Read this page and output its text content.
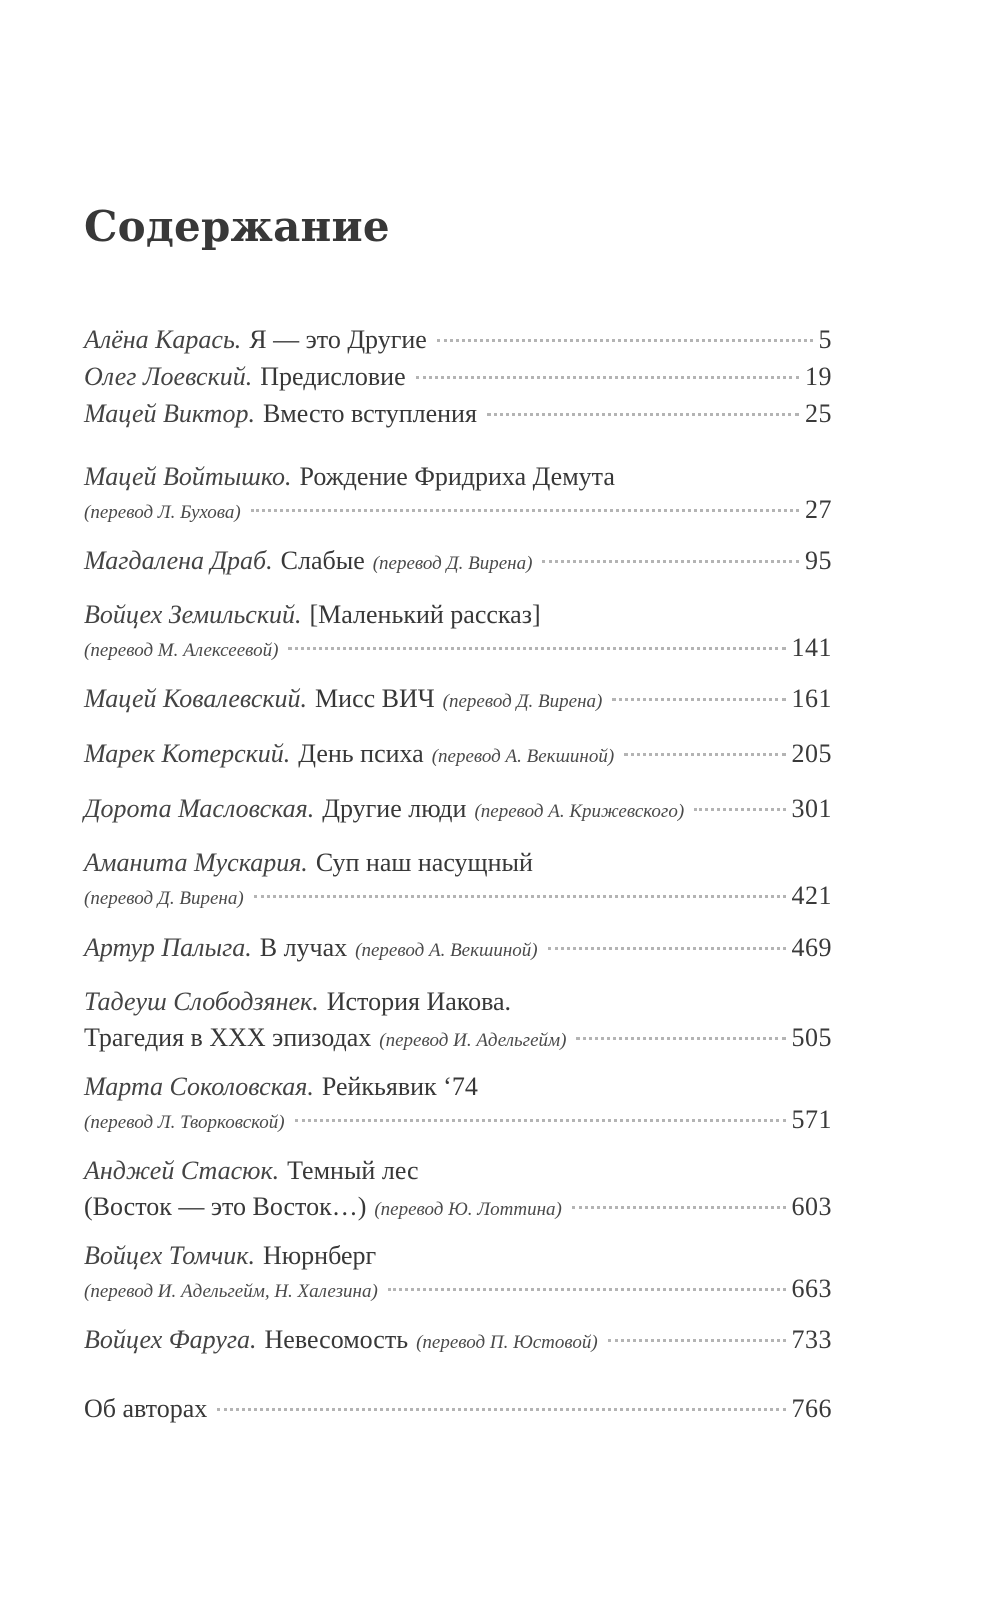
Содержание
Алёна Карась. Я — это Другие	5
Олег Лоевский. Предисловие	19
Мацей Виктор. Вместо вступления	25
Мацей Войтышко. Рождение Фридриха Демута
(перевод Л. Бухова)	27
Магдалена Драб. Слабые (перевод Д. Вирена)	95
Войцех Земильский. [Маленький рассказ]
(перевод М. Алексеевой)	141
Мацей Ковалевский. Мисс ВИЧ (перевод Д. Вирена)	161
Марек Котерский. День психа (перевод А. Векшиной)	205
Дорота Масловская. Другие люди (перевод А. Крижевского)	301
Аманита Мускария. Суп наш насущный
(перевод Д. Вирена)	421
Артур Палыга. В лучах (перевод А. Векшиной)	469
Тадеуш Слободзянек. История Иакова.
Трагедия в XXX эпизодах (перевод И. Адельгейм)	505
Марта Соколовская. Рейкьявик ‘74
(перевод Л. Творковской)	571
Анджей Стасюк. Темный лес
(Восток — это Восток…) (перевод Ю. Лоттина)	603
Войцех Томчик. Нюрнберг
(перевод И. Адельгейм, Н. Халезина)	663
Войцех Фаруга. Невесомость (перевод П. Юстовой)	733
Об авторах	766
